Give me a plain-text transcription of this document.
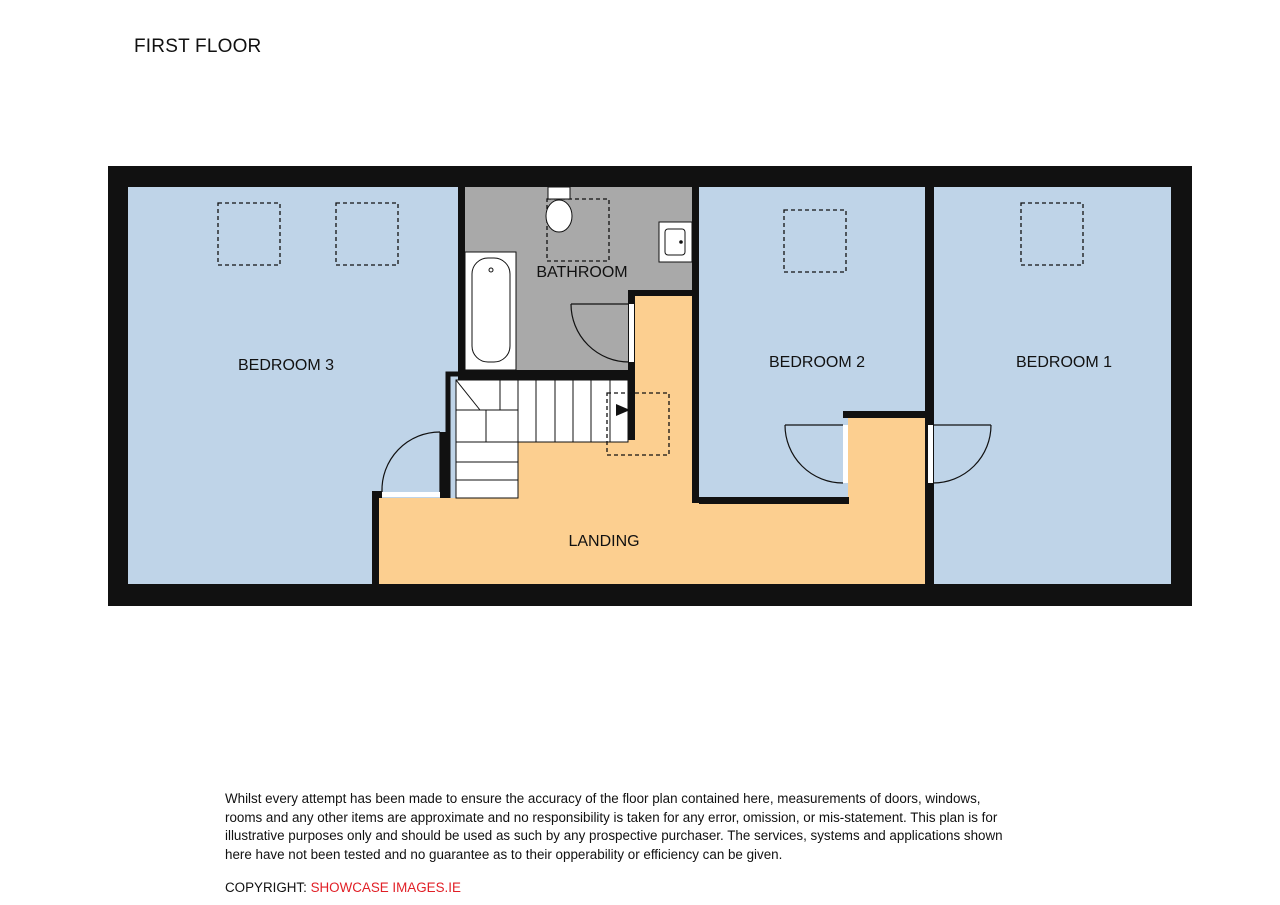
FIRST FLOOR
BEDROOM 3
BATHROOM
BEDROOM 2	BEDROOM 1
LANDING
Whilst every attempt has been made to ensure the accuracy of the floor plan contained here, measurements of doors, windows,
rooms and any other items are approximate and no responsibility is taken for any error, omission, or mis-statement. This plan is for
illustrative purposes only and should be used as such by any prospective purchaser. The services, systems and applications shown
here have not been tested and no guarantee as to their opperability or efficiency can be given.
COPYRIGHT: SHOWCASE IMAGES.IE
